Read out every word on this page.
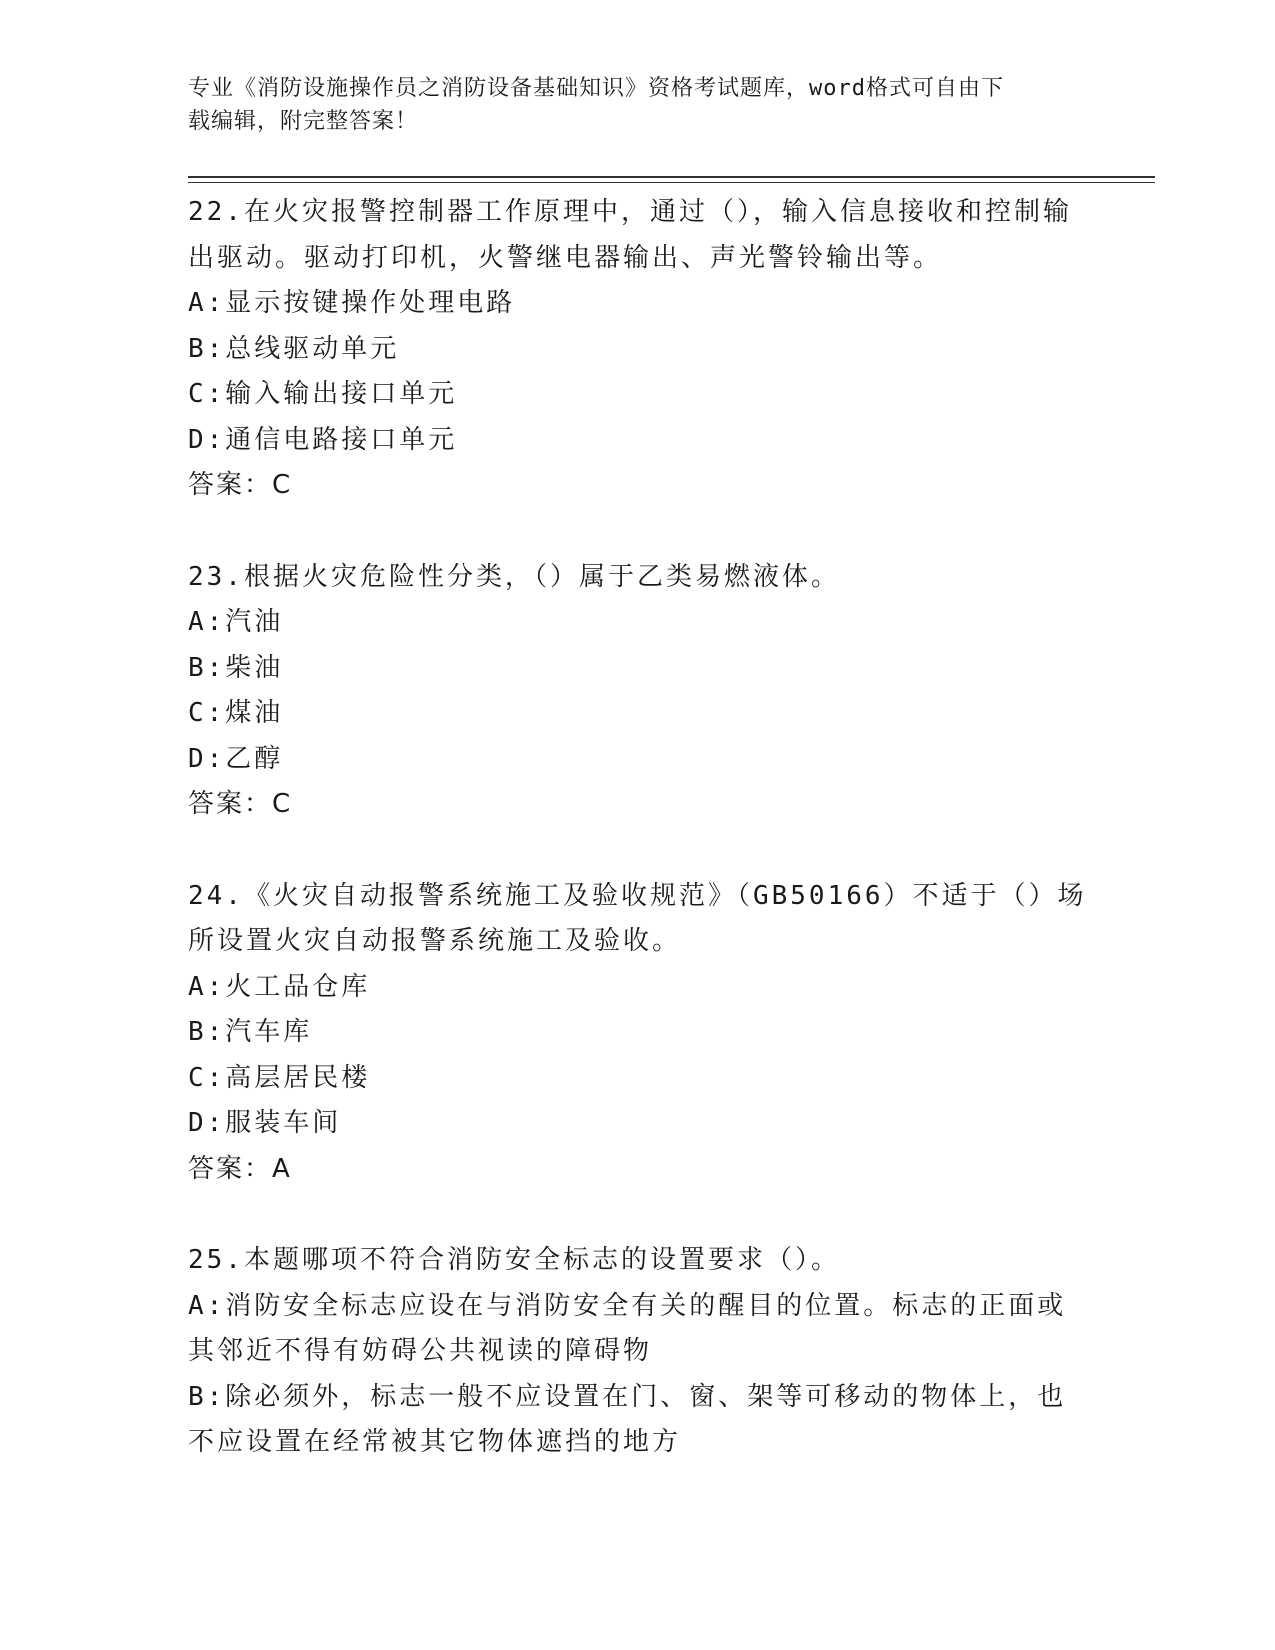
专业《消防设施操作员之消防设备基础知识》资格考试题库，word格式可自由下
载编辑，附完整答案！
22.在火灾报警控制器工作原理中，通过（），输入信息接收和控制输
出驱动。驱动打印机，火警继电器输出、声光警铃输出等。
A:显示按键操作处理电路
B:总线驱动单元
C:输入输出接口单元
D:通信电路接口单元
答案：C
23.根据火灾危险性分类，（）属于乙类易燃液体。
A:汽油
B:柴油
C:煤油
D:乙醇
答案：C
24.《火灾自动报警系统施工及验收规范》（GB50166）不适于（）场
所设置火灾自动报警系统施工及验收。
A:火工品仓库
B:汽车库
C:高层居民楼
D:服装车间
答案：A
25.本题哪项不符合消防安全标志的设置要求（）。
A:消防安全标志应设在与消防安全有关的醒目的位置。标志的正面或
其邻近不得有妨碍公共视读的障碍物
B:除必须外，标志一般不应设置在门、窗、架等可移动的物体上，也
不应设置在经常被其它物体遮挡的地方
